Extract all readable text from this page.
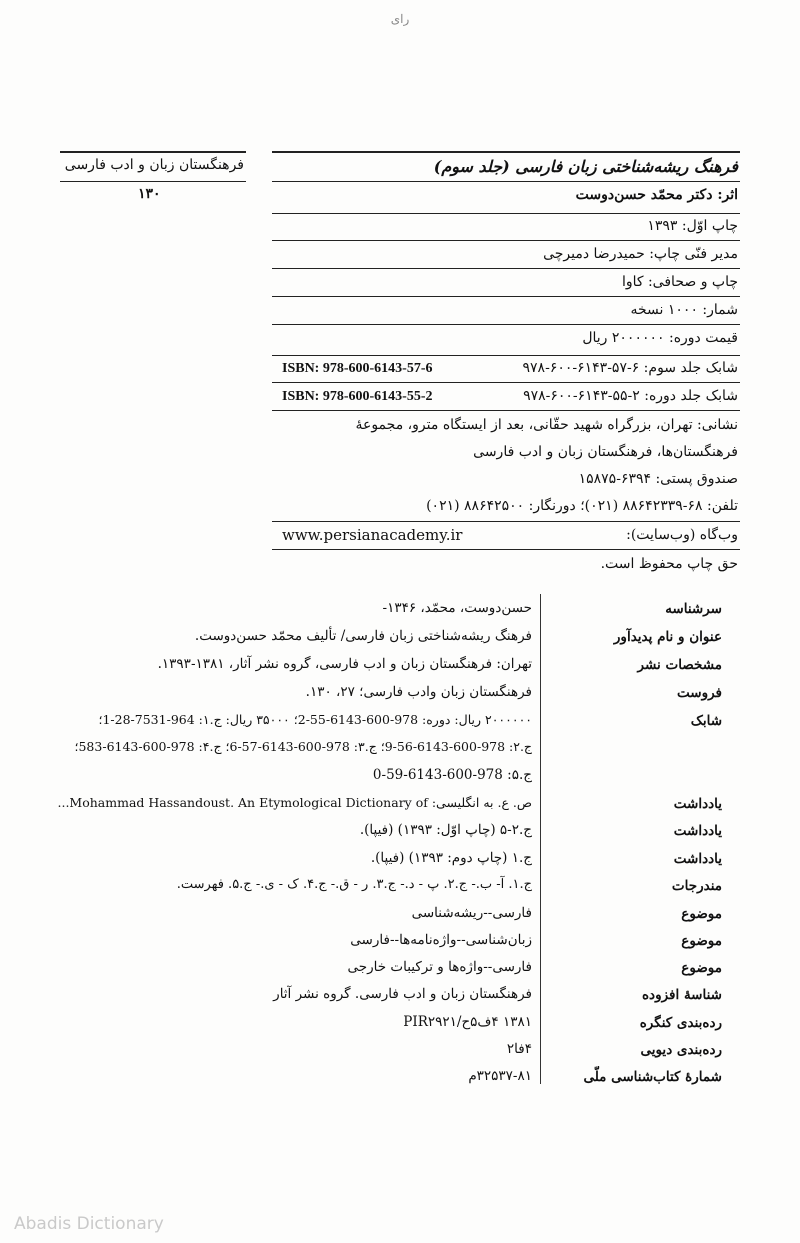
رای
فرهنگستان زبان و ادب فارسی
۱۳۰
فرهنگ ریشه‌شناختی زبان فارسی (جلد سوم)
اثر: دکتر محمّد حسن‌دوست
چاپ اوّل: ۱۳۹۳
مدیر فنّی چاپ: حمیدرضا دمیرچی
چاپ و صحافی: کاوا
شمار: ۱۰۰۰ نسخه
قیمت دوره: ۲۰۰۰۰۰۰ ریال
شابک جلد سوم: ۶-۵۷-۶۱۴۳-۶۰۰-۹۷۸
ISBN: 978-600-6143-57-6
شابک جلد دوره: ۲-۵۵-۶۱۴۳-۶۰۰-۹۷۸
ISBN: 978-600-6143-55-2
نشانی: تهران، بزرگراه شهید حقّانی، بعد از ایستگاه مترو، مجموعهٔ
فرهنگستان‌ها، فرهنگستان زبان و ادب فارسی
صندوق پستی: ۶۳۹۴-۱۵۸۷۵
تلفن: ۶۸-۸۸۶۴۲۳۳۹ (۰۲۱)؛ دورنگار: ۸۸۶۴۲۵۰۰ (۰۲۱)
وب‌گاه (وب‌سایت):
www.persianacademy.ir
حق چاپ محفوظ است.
سرشناسه
عنوان و نام پدیدآور
مشخصات نشر
فروست
شابک
یادداشت
یادداشت
یادداشت
مندرجات
موضوع
موضوع
موضوع
شناسهٔ افزوده
رده‌بندی کنگره
رده‌بندی دیویی
شمارهٔ کتاب‌شناسی ملّی
حسن‌دوست، محمّد، ۱۳۴۶-
فرهنگ ریشه‌شناختی زبان فارسی/ تألیف محمّد حسن‌دوست.
تهران: فرهنگستان زبان و ادب فارسی، گروه نشر آثار، ۱۳۸۱-۱۳۹۳.
فرهنگستان زبان وادب فارسی؛ ۲۷، ۱۳۰.
۲۰۰۰۰۰۰ ریال: دوره: 978-600-6143-55-2؛ ۳۵۰۰۰ ریال: ج.۱: 964-7531-28-1؛
ج.۲: 978-600-6143-56-9؛ ج.۳: 978-600-6143-57-6؛ ج.۴: 978-600-6143-583؛
ج.۵: 978-600-6143-59-0
ص. ع. به انگلیسی: Mohammad Hassandoust. An Etymological Dictionary of...
ج.۲-۵ (چاپ اوّل: ۱۳۹۳) (فیپا).
ج.۱ (چاپ دوم: ۱۳۹۳) (فیپا).
ج.۱. آ- ب.- ج.۲. پ - د.- ج.۳. ر - ق.- ج.۴. ک - ی.- ج.۵. فهرست.
فارسی--ریشه‌شناسی
زبان‌شناسی--واژه‌نامه‌ها--فارسی
فارسی--واژه‌ها و ترکیبات خارجی
فرهنگستان زبان و ادب فارسی. گروه نشر آثار
۱۳۸۱ ۴ف۵ح/PIR۲۹۲۱
۴فا۲
۳۲۵۳۷-۸۱م
Abadis Dictionary
